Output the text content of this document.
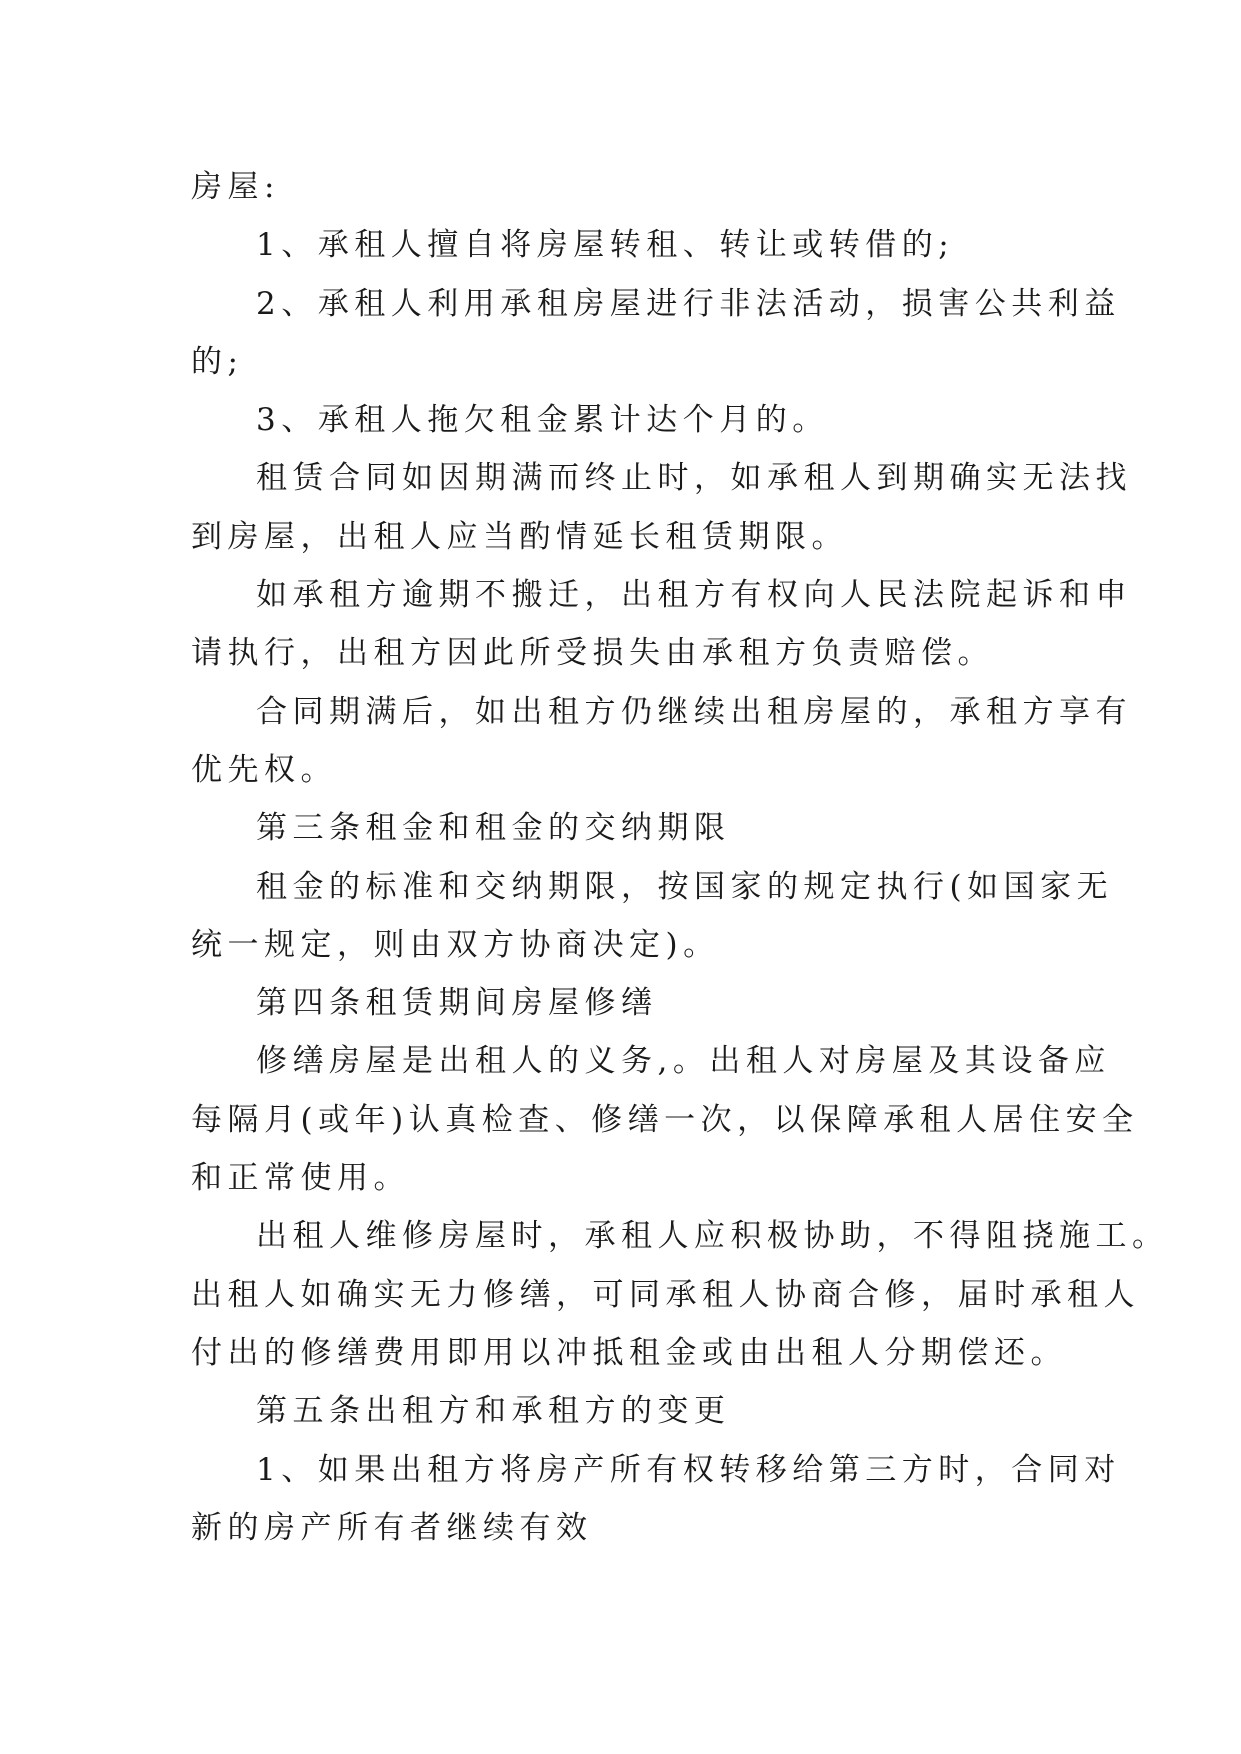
房屋:
1、承租人擅自将房屋转租、转让或转借的;
2、承租人利用承租房屋进行非法活动，损害公共利益
的;
3、承租人拖欠租金累计达个月的。
租赁合同如因期满而终止时，如承租人到期确实无法找
到房屋，出租人应当酌情延长租赁期限。
如承租方逾期不搬迁，出租方有权向人民法院起诉和申
请执行，出租方因此所受损失由承租方负责赔偿。
合同期满后，如出租方仍继续出租房屋的，承租方享有
优先权。
第三条租金和租金的交纳期限
租金的标准和交纳期限，按国家的规定执行(如国家无
统一规定，则由双方协商决定)。
第四条租赁期间房屋修缮
修缮房屋是出租人的义务,。出租人对房屋及其设备应
每隔月(或年)认真检查、修缮一次，以保障承租人居住安全
和正常使用。
出租人维修房屋时，承租人应积极协助，不得阻挠施工。
出租人如确实无力修缮，可同承租人协商合修，届时承租人
付出的修缮费用即用以冲抵租金或由出租人分期偿还。
第五条出租方和承租方的变更
1、如果出租方将房产所有权转移给第三方时，合同对
新的房产所有者继续有效
